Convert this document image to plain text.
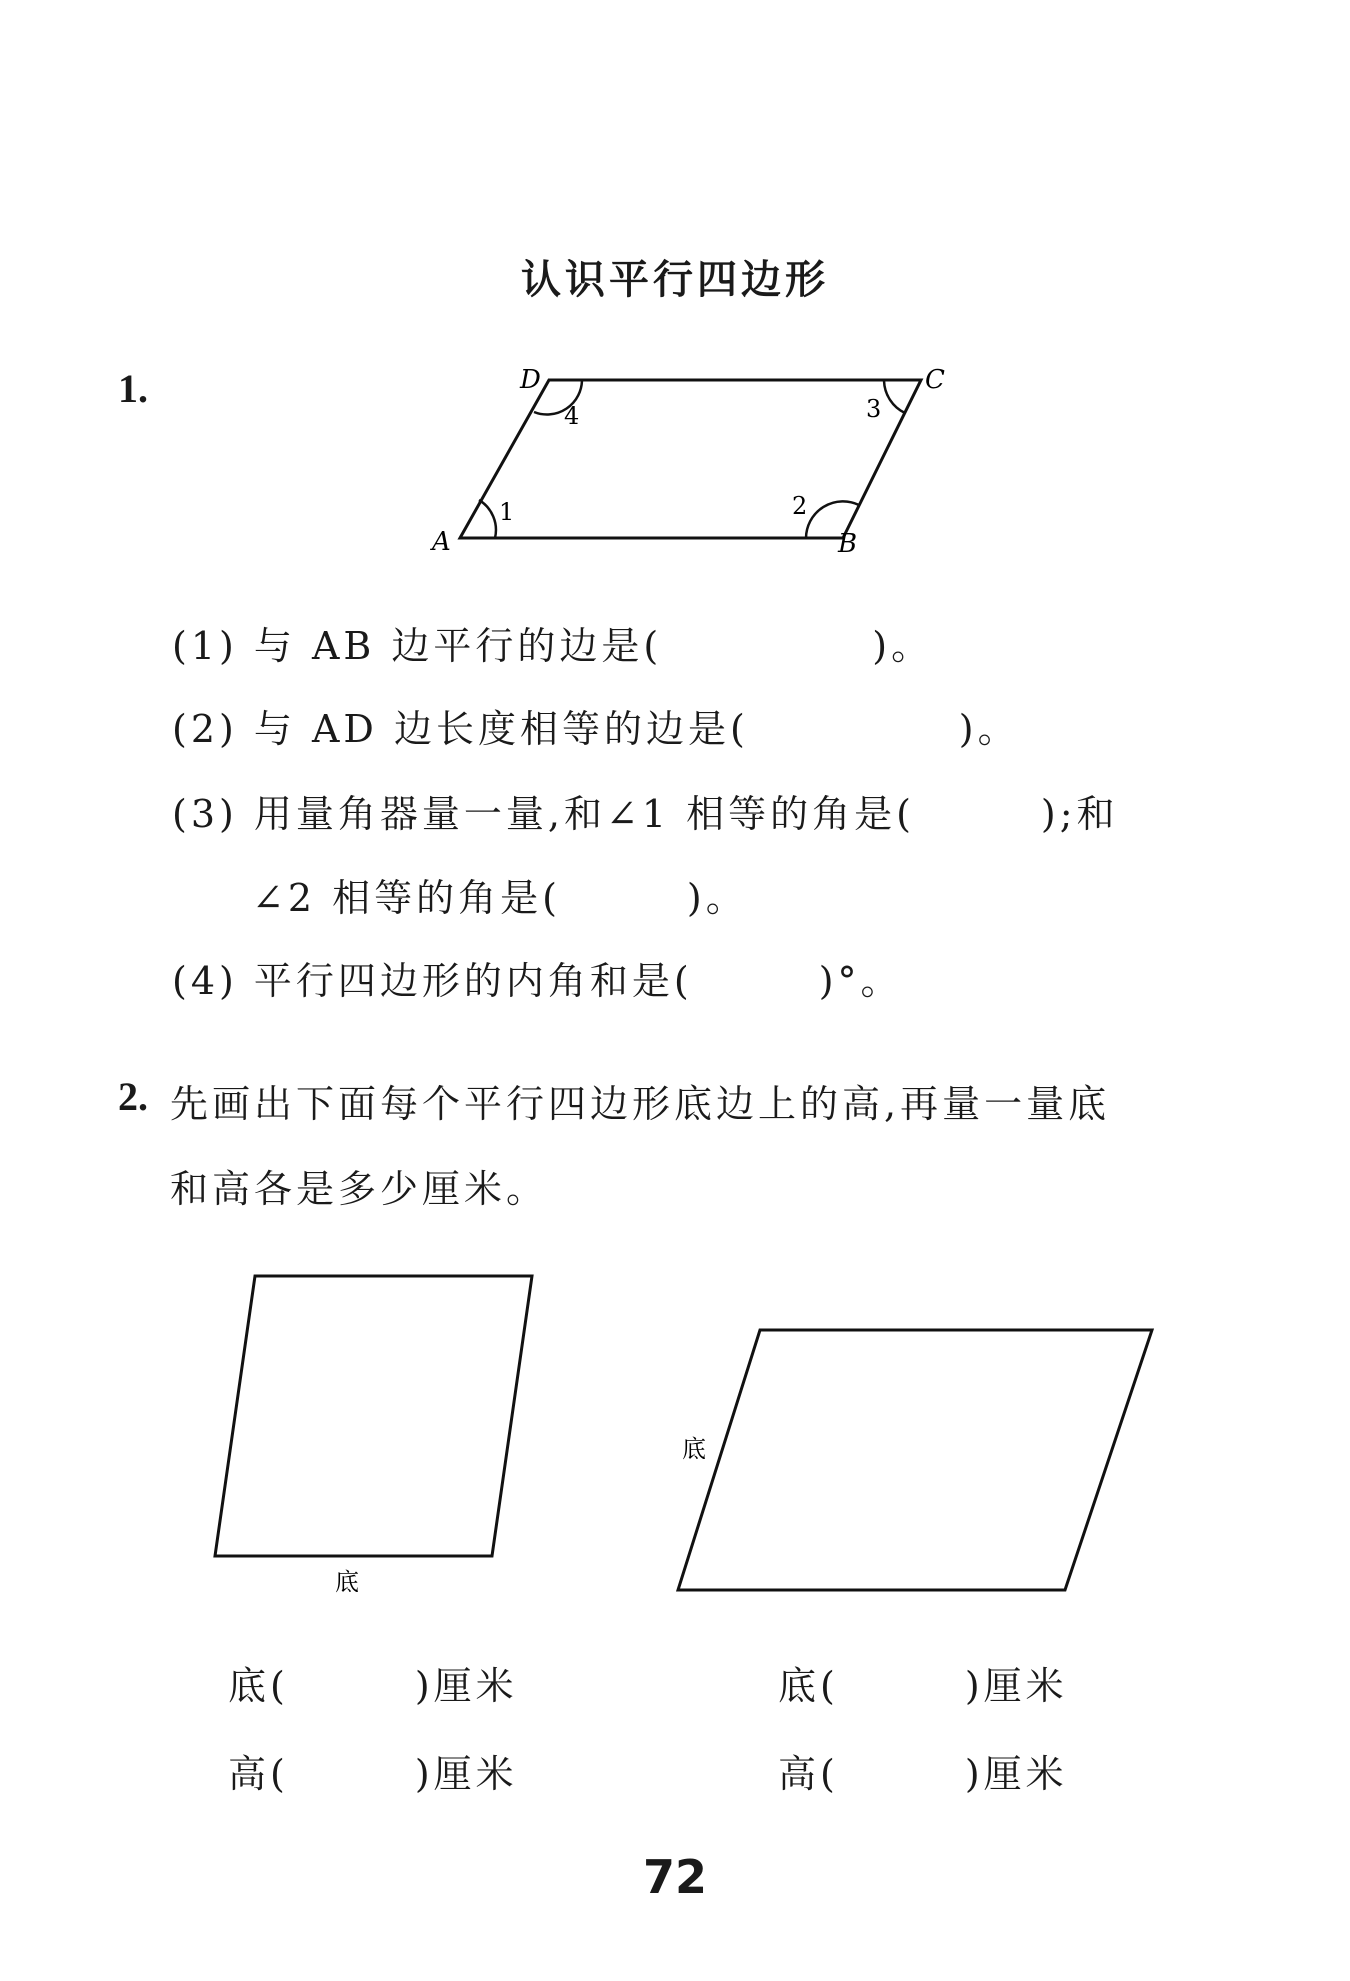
认识平行四边形
1.
A	B
C
D
1	2
3
4
(1) 与 AB 边平行的边是(　　　　　)。
(2) 与 AD 边长度相等的边是(　　　　　)。
(3) 用量角器量一量,和∠1 相等的角是(　　　);和
∠2 相等的角是(　　　)。
(4) 平行四边形的内角和是(　　　)°。
2. 先画出下面每个平行四边形底边上的高,再量一量底
和高各是多少厘米。
底
底
底(　　　)厘米
高(　　　)厘米
底(　　　)厘米
高(　　　)厘米
72
